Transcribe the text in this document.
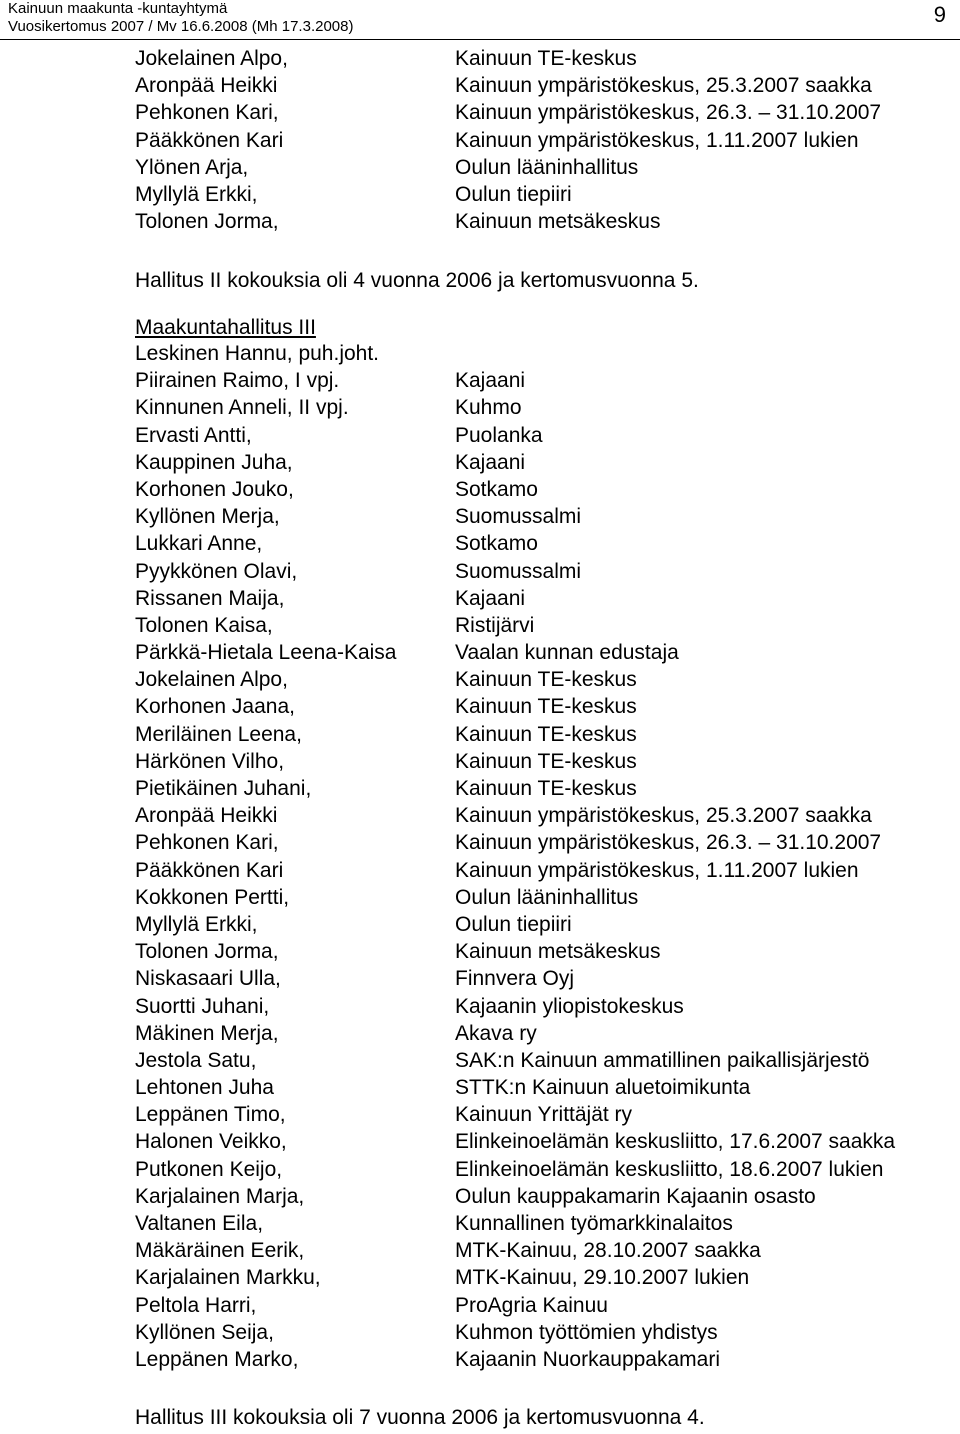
Kainuun maakunta -kuntayhtymä
Vuosikertomus 2007 / Mv 16.6.2008 (Mh 17.3.2008)	9
Jokelainen Alpo,	Kainuun TE-keskus
Aronpää Heikki	Kainuun ympäristökeskus, 25.3.2007 saakka
Pehkonen Kari,	Kainuun ympäristökeskus, 26.3. – 31.10.2007
Pääkkönen Kari	Kainuun ympäristökeskus, 1.11.2007 lukien
Ylönen Arja,	Oulun lääninhallitus
Myllylä Erkki,	Oulun tiepiiri
Tolonen Jorma,	Kainuun metsäkeskus
Hallitus II kokouksia oli 4 vuonna 2006 ja kertomusvuonna 5.
Maakuntahallitus III
Leskinen Hannu, puh.joht.
Piirainen Raimo, I vpj.	Kajaani
Kinnunen Anneli, II vpj.	Kuhmo
Ervasti Antti,	Puolanka
Kauppinen Juha,	Kajaani
Korhonen Jouko,	Sotkamo
Kyllönen Merja,	Suomussalmi
Lukkari Anne,	Sotkamo
Pyykkönen Olavi,	Suomussalmi
Rissanen Maija,	Kajaani
Tolonen Kaisa,	Ristijärvi
Pärkkä-Hietala Leena-Kaisa	Vaalan kunnan edustaja
Jokelainen Alpo,	Kainuun TE-keskus
Korhonen Jaana,	Kainuun TE-keskus
Meriläinen Leena,	Kainuun TE-keskus
Härkönen Vilho,	Kainuun TE-keskus
Pietikäinen Juhani,	Kainuun TE-keskus
Aronpää Heikki	Kainuun ympäristökeskus, 25.3.2007 saakka
Pehkonen Kari,	Kainuun ympäristökeskus, 26.3. – 31.10.2007
Pääkkönen Kari	Kainuun ympäristökeskus, 1.11.2007 lukien
Kokkonen Pertti,	Oulun lääninhallitus
Myllylä Erkki,	Oulun tiepiiri
Tolonen Jorma,	Kainuun metsäkeskus
Niskasaari Ulla,	Finnvera Oyj
Suortti Juhani,	Kajaanin yliopistokeskus
Mäkinen Merja,	Akava ry
Jestola Satu,	SAK:n Kainuun ammatillinen paikallisjärjestö
Lehtonen Juha	STTK:n Kainuun aluetoimikunta
Leppänen Timo,	Kainuun Yrittäjät ry
Halonen Veikko,	Elinkeinoelämän keskusliitto, 17.6.2007 saakka
Putkonen Keijo,	Elinkeinoelämän keskusliitto, 18.6.2007 lukien
Karjalainen Marja,	Oulun kauppakamarin Kajaanin osasto
Valtanen Eila,	Kunnallinen työmarkkinalaitos
Mäkäräinen Eerik,	MTK-Kainuu, 28.10.2007 saakka
Karjalainen Markku,	MTK-Kainuu, 29.10.2007 lukien
Peltola Harri,	ProAgria Kainuu
Kyllönen Seija,	Kuhmon työttömien yhdistys
Leppänen Marko,	Kajaanin Nuorkauppakamari
Hallitus III kokouksia oli 7 vuonna 2006 ja kertomusvuonna 4.
